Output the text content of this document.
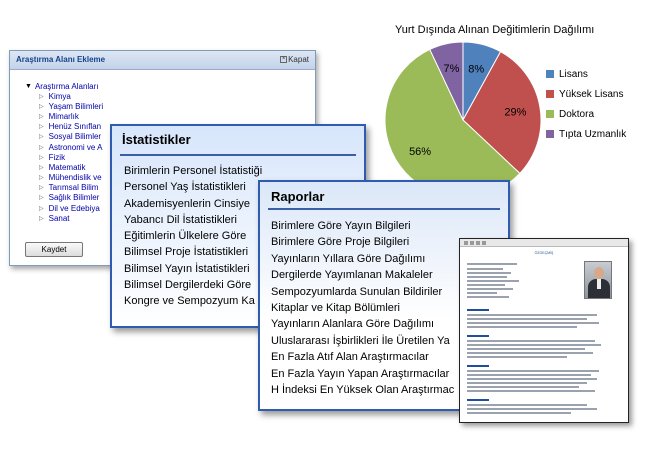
Yurt Dışında Alınan Değitimlerin Dağılımı
8%
29%
56%
7%	Lisans
Yüksek Lisans
Doktora
Tıpta Uzmanlık
Araştırma Alanı Ekleme	× Kapat
▼ Araştırma Alanları
▷ Kimya
▷ Yaşam Bilimleri
▷ Mimarlık
▷ Henüz Sınıflan
▷ Sosyal Bilimler
▷ Astronomi ve A
▷ Fizik
▷ Matematik
▷ Mühendislik ve
▷ Tarımsal Bilim
▷ Sağlık Bilimler
▷ Dil ve Edebiya
▷ Sanat
Kaydet
İstatistikler
Birimlerin Personel İstatistiği
Personel Yaş İstatistikleri
Akademisyenlerin Cinsiye
Yabancı Dil İstatistikleri
Eğitimlerin Ülkelere Göre
Bilimsel Proje İstatistikleri
Bilimsel Yayın İstatistikleri
Bilimsel Dergilerdeki Göre
Kongre ve Sempozyum Ka
Raporlar
Birimlere Göre Yayın Bilgileri
Birimlere Göre Proje Bilgileri
Yayınların Yıllara Göre Dağılımı
Dergilerde Yayımlanan Makaleler
Sempozyumlarda Sunulan Bildiriler
Kitaplar ve Kitap Bölümleri
Yayınların Alanlara Göre Dağılımı
Uluslararası İşbirlikleri İle Üretilen Ya
En Fazla Atıf Alan Araştırmacılar
En Fazla Yayın Yapan Araştırmacılar
H İndeksi En Yüksek Olan Araştırmac
ÖZGEÇMİŞ
